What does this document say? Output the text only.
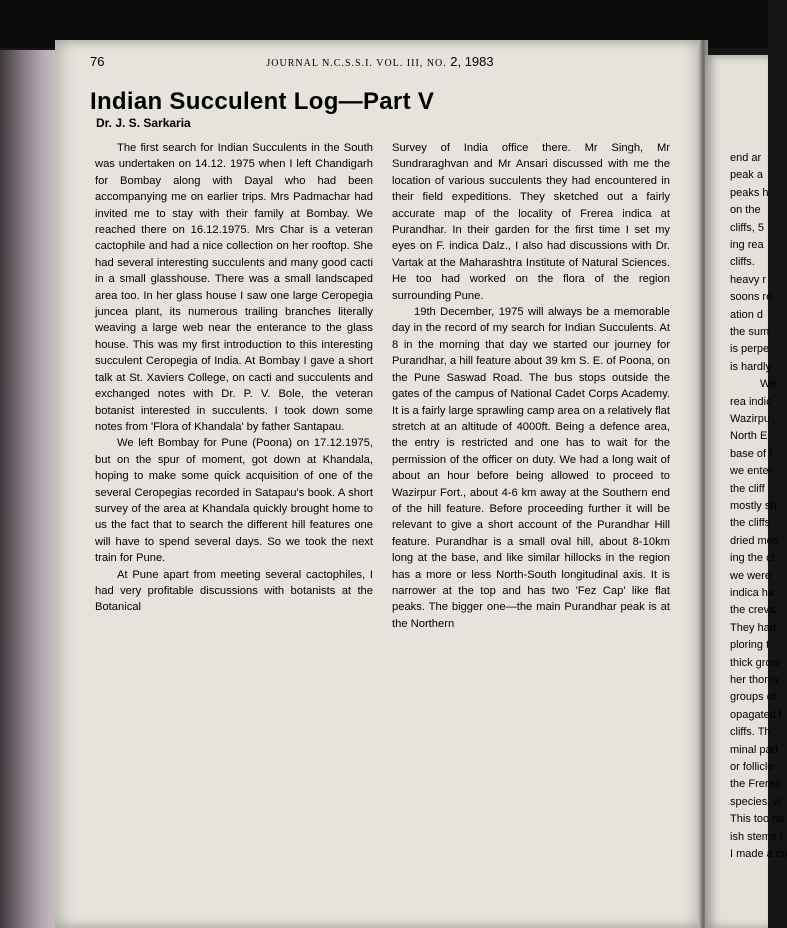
76	JOURNAL N.C.S.S.I. VOL. III, NO. 2, 1983
Indian Succulent Log—Part V
Dr. J. S. Sarkaria

The first search for Indian Succulents in the South was undertaken on 14.12. 1975 when I left Chandigarh for Bombay along with Dayal who had been accompanying me on earlier trips. Mrs Padmachar had invited me to stay with their family at Bombay. We reached there on 16.12.1975. Mrs Char is a veteran cactophile and had a nice collection on her rooftop. She had several interesting succulents and many good cacti in a small glasshouse. There was a small landscaped area too. In her glass house I saw one large Ceropegia juncea plant, its numerous trailing branches literally weaving a large web near the enterance to the glass house. This was my first introduction to this interesting succulent Ceropegia of India. At Bombay I gave a short talk at St. Xaviers College, on cacti and succulents and exchanged notes with Dr. P. V. Bole, the veteran botanist interested in succulents. I took down some notes from 'Flora of Khandala' by father Santapau.

We left Bombay for Pune (Poona) on 17.12.1975, but on the spur of moment, got down at Khandala, hoping to make some quick acquisition of one of the several Ceropegias recorded in Satapau's book. A short survey of the area at Khandala quickly brought home to us the fact that to search the different hill features one will have to spend several days. So we took the next train for Pune.

At Pune apart from meeting several cactophiles, I had very profitable discussions with botanists at the Botanical

Survey of India office there. Mr Singh, Mr Sundraraghvan and Mr Ansari discussed with me the location of various succulents they had encountered in their field expeditions. They sketched out a fairly accurate map of the locality of Frerea indica at Purandhar. In their garden for the first time I set my eyes on F. indica Dalz., I also had discussions with Dr. Vartak at the Maharashtra Institute of Natural Sciences. He too had worked on the flora of the region surrounding Pune.

19th December, 1975 will always be a memorable day in the record of my search for Indian Succulents. At 8 in the morning that day we started our journey for Purandhar, a hill feature about 39 km S. E. of Poona, on the Pune Saswad Road. The bus stops outside the gates of the campus of National Cadet Corps Academy. It is a fairly large sprawling camp area on a relatively flat stretch at an altitude of 4000ft. Being a defence area, the entry is restricted and one has to wait for the permission of the officer on duty. We had a long wait of about an hour before being allowed to proceed to Wazirpur Fort., about 4-6 km away at the Southern end of the hill feature. Before proceeding further it will be relevant to give a short account of the Purandhar Hill feature. Purandhar is a small oval hill, about 8-10km long at the base, and like similar hillocks in the region has a more or less North-South longitudinal axis. It is narrower at the top and has two 'Fez Cap' like flat peaks. The bigger one—the main Purandhar peak is at the Northern

end ar
peak a
peaks h
on the
cliffs, 5
ing rea
cliffs.
heavy r
soons re
ation d
the sum
is perpe
is hardly
We
rea indic
Wazirpu
North E
base of t
we enter
the cliff
mostly sh
the cliffs
dried mos
ing the cl
we were
indica ha
the crevic
They had
ploring t
thick grow
her thorny
groups of
opagated f
cliffs. Th
minal part
or follicle
the Frerea
species, w
This too ha
ish stems r
I made a co
